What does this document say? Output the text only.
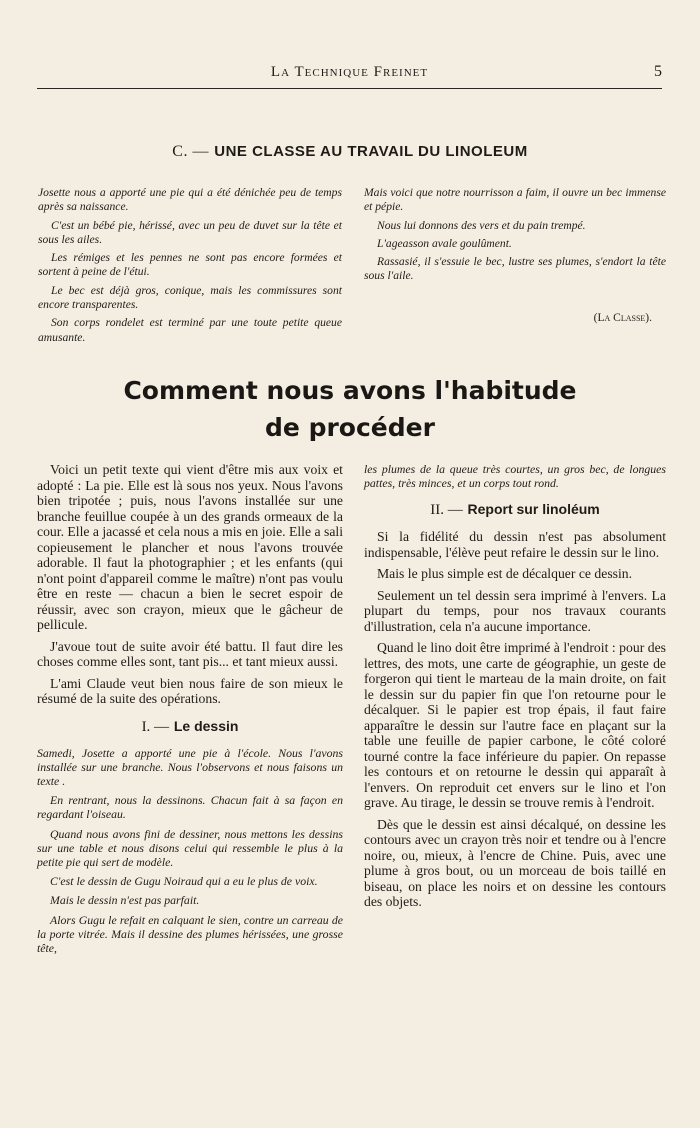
La Technique Freinet	5
C. — UNE CLASSE AU TRAVAIL DU LINOLEUM

Josette nous a apporté une pie qui a été dénichée peu de temps après sa naissance.

C'est un bébé pie, hérissé, avec un peu de duvet sur la tête et sous les ailes.

Les rémiges et les pennes ne sont pas encore formées et sortent à peine de l'étui.

Le bec est déjà gros, conique, mais les commissures sont encore transparentes.

Son corps rondelet est terminé par une toute petite queue amusante.

Mais voici que notre nourrisson a faim, il ouvre un bec immense et pépie.

Nous lui donnons des vers et du pain trempé.

L'ageasson avale goulûment.

Rassasié, il s'essuie le bec, lustre ses plumes, s'endort la tête sous l'aile.

(La Classe).
Comment nous avons l'habitude
de procéder

Voici un petit texte qui vient d'être mis aux voix et adopté : La pie. Elle est là sous nos yeux. Nous l'avons bien tripotée ; puis, nous l'avons installée sur une branche feuillue coupée à un des grands ormeaux de la cour. Elle a jacassé et cela nous a mis en joie. Elle a sali copieusement le plancher et nous l'avons trouvée adorable. Il faut la photographier ; et les enfants (qui n'ont point d'appareil comme le maître) n'ont pas voulu être en reste — chacun a bien le secret espoir de réussir, avec son crayon, mieux que le gâcheur de pellicule.

J'avoue tout de suite avoir été battu. Il faut dire les choses comme elles sont, tant pis... et tant mieux aussi.

L'ami Claude veut bien nous faire de son mieux le résumé de la suite des opérations.

I. — Le dessin

Samedi, Josette a apporté une pie à l'école. Nous l'avons installée sur une branche. Nous l'observons et nous faisons un texte .

En rentrant, nous la dessinons. Chacun fait à sa façon en regardant l'oiseau.

Quand nous avons fini de dessiner, nous mettons les dessins sur une table et nous disons celui qui ressemble le plus à la petite pie qui sert de modèle.

C'est le dessin de Gugu Noiraud qui a eu le plus de voix.

Mais le dessin n'est pas parfait.

Alors Gugu le refait en calquant le sien, contre un carreau de la porte vitrée. Mais il dessine des plumes hérissées, une grosse tête,

les plumes de la queue très courtes, un gros bec, de longues pattes, très minces, et un corps tout rond.

II. — Report sur linoléum

Si la fidélité du dessin n'est pas absolument indispensable, l'élève peut refaire le dessin sur le lino.

Mais le plus simple est de décalquer ce dessin.

Seulement un tel dessin sera imprimé à l'envers. La plupart du temps, pour nos travaux courants d'illustration, cela n'a aucune importance.

Quand le lino doit être imprimé à l'endroit : pour des lettres, des mots, une carte de géographie, un geste de forgeron qui tient le marteau de la main droite, on fait le dessin sur du papier fin que l'on retourne pour le décalquer. Si le papier est trop épais, il faut faire apparaître le dessin sur l'autre face en plaçant sur la table une feuille de papier carbone, le côté coloré tourné contre la face inférieure du papier. On repasse les contours et on retourne le dessin qui apparaît à l'envers. On reproduit cet envers sur le lino et l'on grave. Au tirage, le dessin se trouve remis à l'endroit.

Dès que le dessin est ainsi décalqué, on dessine les contours avec un crayon très noir et tendre ou à l'encre noire, ou, mieux, à l'encre de Chine. Puis, avec une plume à gros bout, ou un morceau de bois taillé en biseau, on place les noirs et on dessine les contours des objets.
